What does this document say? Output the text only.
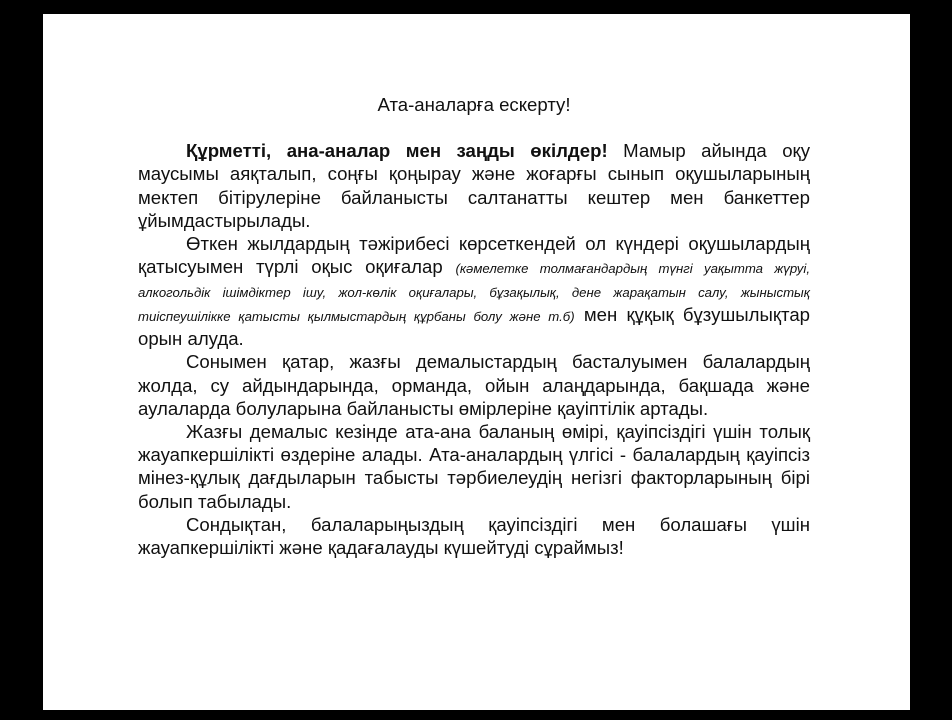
Ата-аналарға ескерту!

Құрметті, ана-аналар мен заңды өкілдер! Мамыр айында оқу маусымы аяқталып, соңғы қоңырау және жоғарғы сынып оқушыларының мектеп бітірулеріне байланысты салтанатты кештер мен банкеттер ұйымдастырылады.

Өткен жылдардың тәжірибесі көрсеткендей ол күндері оқушылардың қатысуымен түрлі оқыс оқиғалар (кәмелетке толмағандардың түнгі уақытта жүруі, алкогольдік ішімдіктер ішу, жол-көлік оқиғалары, бұзақылық, дене жарақатын салу, жыныстық тиіспеушілікке қатысты қылмыстардың құрбаны болу және т.б) мен құқық бұзушылықтар орын алуда.

Сонымен қатар, жазғы демалыстардың басталуымен балалардың жолда, су айдындарында, орманда, ойын алаңдарында, бақшада және аулаларда болуларына байланысты өмірлеріне қауіптілік артады.

Жазғы демалыс кезінде ата-ана баланың өмірі, қауіпсіздігі үшін толық жауапкершілікті өздеріне алады. Ата-аналардың үлгісі - балалардың қауіпсіз мінез-құлық дағдыларын табысты тәрбиелеудің негізгі факторларының бірі болып табылады.

Сондықтан, балаларыңыздың қауіпсіздігі мен болашағы үшін жауапкершілікті және қадағалауды күшейтуді сұраймыз!
